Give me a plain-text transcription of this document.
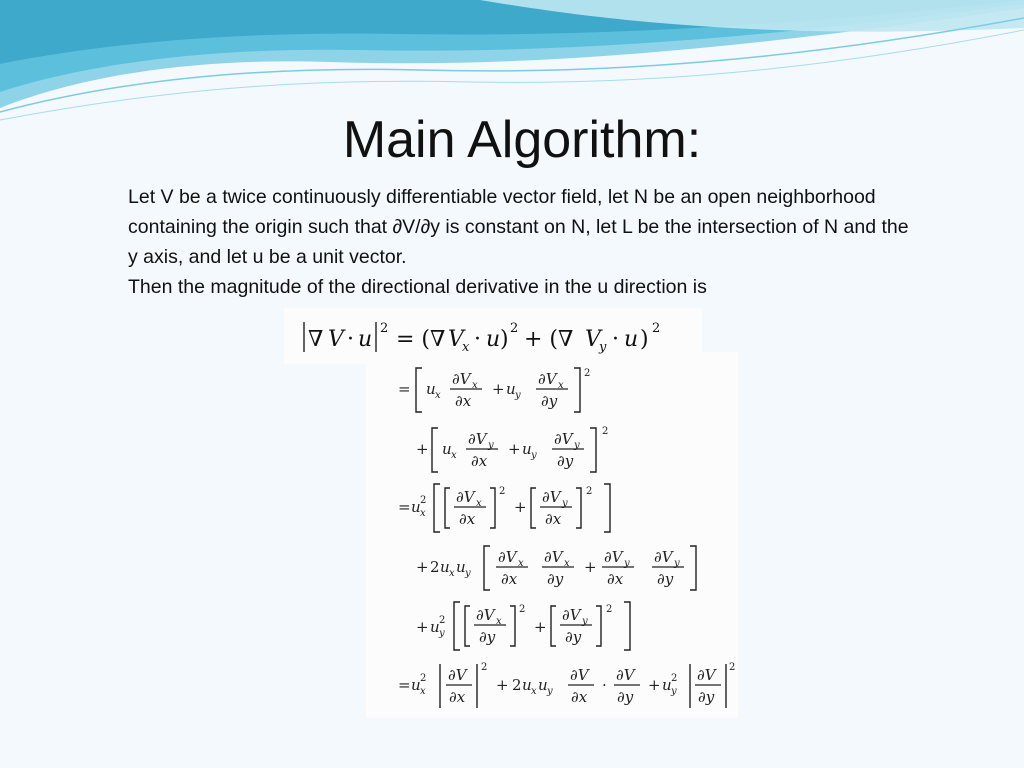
Main Algorithm:

Let V be a twice continuously differentiable vector field, let N be an open neighborhood containing the origin such that ∂V/∂y is constant on N, let L be the intersection of N and the y axis, and let u be a unit vector.

Then the magnitude of the directional derivative in the u direction is

∇ V · u 2 = (∇ V
x · u ) 2 + (∇ V
y · u ) 2
= u x
∂V x
∂x
+ u y
∂V x
∂y
2
+ u x
∂V y
∂x
+ u y
∂V y
∂y
2
= u x
2 ∂V x
∂x
2
+
∂V y
∂x
2
+ 2 u x u y
∂V x
∂x
∂V x
∂y
+
∂V y
∂x
∂V y
∂y
+ u y
2 ∂V x
∂y
2
+
∂V y
∂y
2
= u x
2 ∂V
∂x
2
+ 2 u x u y
∂V
∂x
·
∂V
∂y
+ u y
2 ∂V
∂y
2
